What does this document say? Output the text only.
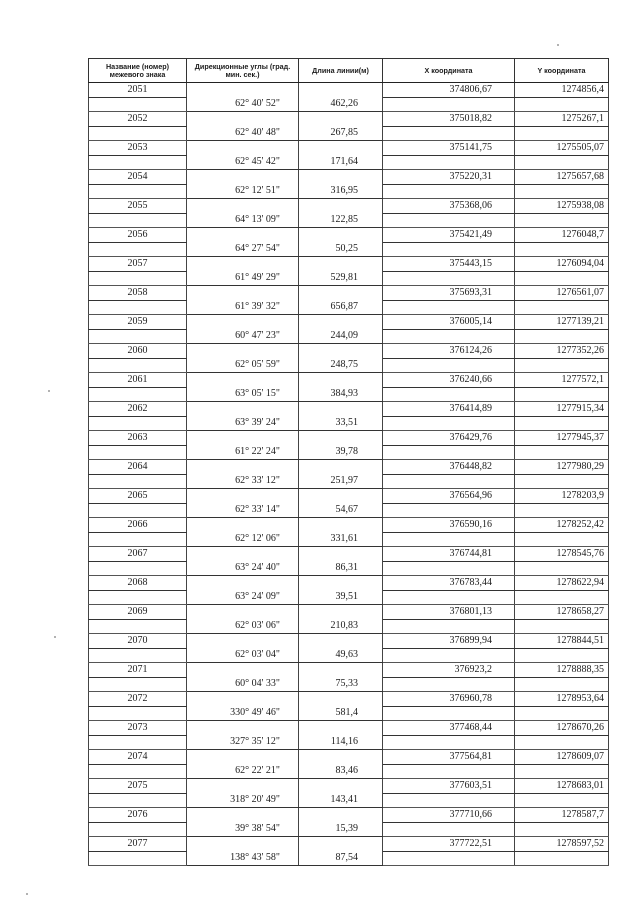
Название (номер) межевого знака	Дирекционные углы (град. мин. сек.)	Длина линии(м)	X координата	Y координата
2051			374806,67	1274856,4
	62° 40' 52"	462,26		
2052			375018,82	1275267,1
	62° 40' 48"	267,85		
2053			375141,75	1275505,07
	62° 45' 42"	171,64		
2054			375220,31	1275657,68
	62° 12' 51"	316,95		
2055			375368,06	1275938,08
	64° 13' 09"	122,85		
2056			375421,49	1276048,7
	64° 27' 54"	50,25		
2057			375443,15	1276094,04
	61° 49' 29"	529,81		
2058			375693,31	1276561,07
	61° 39' 32"	656,87		
2059			376005,14	1277139,21
	60° 47' 23"	244,09		
2060			376124,26	1277352,26
	62° 05' 59"	248,75		
2061			376240,66	1277572,1
	63° 05' 15"	384,93		
2062			376414,89	1277915,34
	63° 39' 24"	33,51		
2063			376429,76	1277945,37
	61° 22' 24"	39,78		
2064			376448,82	1277980,29
	62° 33' 12"	251,97		
2065			376564,96	1278203,9
	62° 33' 14"	54,67		
2066			376590,16	1278252,42
	62° 12' 06"	331,61		
2067			376744,81	1278545,76
	63° 24' 40"	86,31		
2068			376783,44	1278622,94
	63° 24' 09"	39,51		
2069			376801,13	1278658,27
	62° 03' 06"	210,83		
2070			376899,94	1278844,51
	62° 03' 04"	49,63		
2071			376923,2	1278888,35
	60° 04' 33"	75,33		
2072			376960,78	1278953,64
	330° 49' 46"	581,4		
2073			377468,44	1278670,26
	327° 35' 12"	114,16		
2074			377564,81	1278609,07
	62° 22' 21"	83,46		
2075			377603,51	1278683,01
	318° 20' 49"	143,41		
2076			377710,66	1278587,7
	39° 38' 54"	15,39		
2077			377722,51	1278597,52
	138° 43' 58"	87,54		
